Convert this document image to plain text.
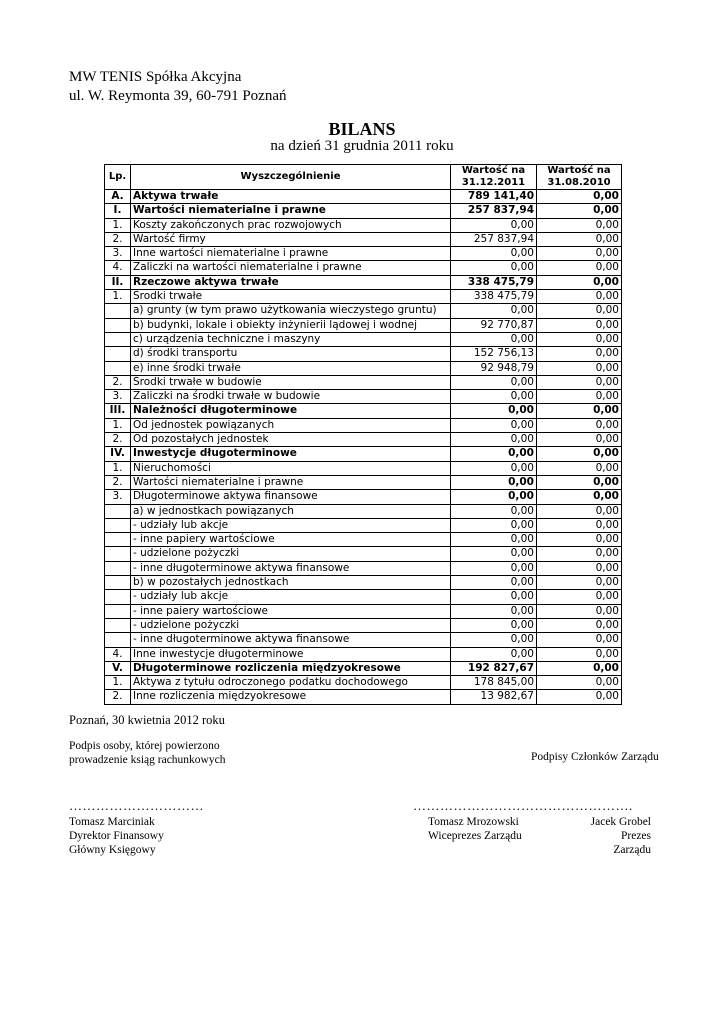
MW TENIS Spółka Akcyjna
ul. W. Reymonta 39, 60-791 Poznań
BILANS
na dzień 31 grudnia 2011 roku
Lp.	Wyszczególnienie	Wartość na	Wartość na
		31.12.2011	31.08.2010
A.	Aktywa trwałe	789 141,40	0,00
I.	Wartości niematerialne i prawne	257 837,94	0,00
1.	Koszty zakończonych prac rozwojowych	0,00	0,00
2.	Wartość firmy	257 837,94	0,00
3.	Inne wartości niematerialne i prawne	0,00	0,00
4.	Zaliczki na wartości niematerialne i prawne	0,00	0,00
II.	Rzeczowe aktywa trwałe	338 475,79	0,00
1.	Środki trwałe	338 475,79	0,00
	a) grunty (w tym prawo użytkowania wieczystego gruntu)	0,00	0,00
	b) budynki, lokale i obiekty inżynierii lądowej i wodnej	92 770,87	0,00
	c) urządzenia techniczne i maszyny	0,00	0,00
	d) środki transportu	152 756,13	0,00
	e) inne środki trwałe	92 948,79	0,00
2.	Środki trwałe w budowie	0,00	0,00
3.	Zaliczki na środki trwałe w budowie	0,00	0,00
III.	Należności długoterminowe	0,00	0,00
1.	Od jednostek powiązanych	0,00	0,00
2.	Od pozostałych jednostek	0,00	0,00
IV.	Inwestycje długoterminowe	0,00	0,00
1.	Nieruchomości	0,00	0,00
2.	Wartości niematerialne i prawne	0,00	0,00
3.	Długoterminowe aktywa finansowe	0,00	0,00
	a) w jednostkach powiązanych	0,00	0,00
	- udziały lub akcje	0,00	0,00
	- inne papiery wartościowe	0,00	0,00
	- udzielone pożyczki	0,00	0,00
	- inne długoterminowe aktywa finansowe	0,00	0,00
	b) w pozostałych jednostkach	0,00	0,00
	- udziały lub akcje	0,00	0,00
	- inne paiery wartościowe	0,00	0,00
	- udzielone pożyczki	0,00	0,00
	- inne długoterminowe aktywa finansowe	0,00	0,00
4.	Inne inwestycje długoterminowe	0,00	0,00
V.	Długoterminowe rozliczenia międzyokresowe	192 827,67	0,00
1.	Aktywa z tytułu odroczonego podatku dochodowego	178 845,00	0,00
2.	Inne rozliczenia międzyokresowe	13 982,67	0,00
Poznań, 30 kwietnia 2012 roku
Podpis osoby, której powierzono
prowadzenie ksiąg rachunkowych	Podpisy Członków Zarządu
…………………………	………………………………………….
Tomasz Marciniak
Dyrektor Finansowy
Główny Księgowy
Tomasz Mrozowski
Wiceprezes Zarządu
Jacek Grobel
Prezes Zarządu
